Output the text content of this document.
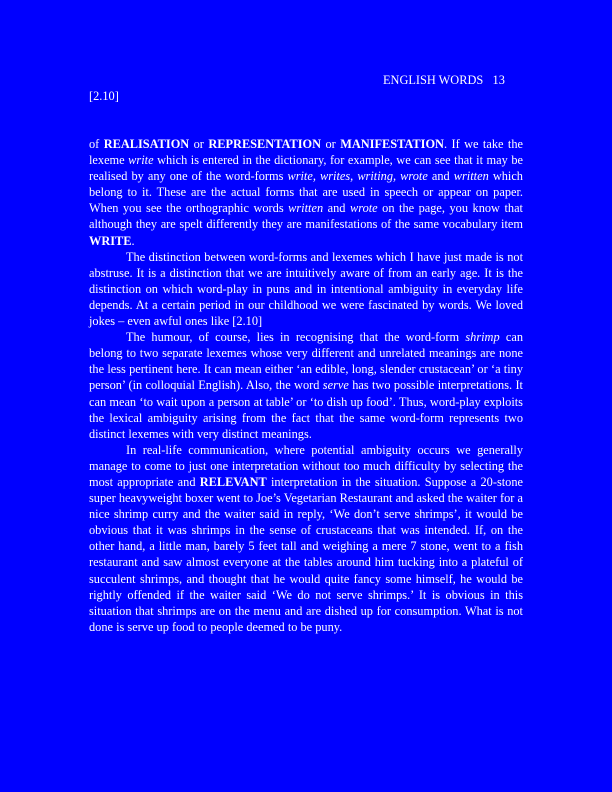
ENGLISH WORDS 13
[2.10]

of REALISATION or REPRESENTATION or MANIFESTATION. If we take the lexeme write which is entered in the dictionary, for example, we can see that it may be realised by any one of the word-forms write, writes, writing, wrote and written which belong to it. These are the actual forms that are used in speech or appear on paper. When you see the orthographic words written and wrote on the page, you know that although they are spelt differently they are manifestations of the same vocabulary item WRITE.

The distinction between word-forms and lexemes which I have just made is not abstruse. It is a distinction that we are intuitively aware of from an early age. It is the distinction on which word-play in puns and in intentional ambiguity in everyday life depends. At a certain period in our childhood we were fascinated by words. We loved jokes – even awful ones like [2.10]

The humour, of course, lies in recognising that the word-form shrimp can belong to two separate lexemes whose very different and unrelated meanings are none the less pertinent here. It can mean either ‘an edible, long, slender crustacean’ or ‘a tiny person’ (in colloquial English). Also, the word serve has two possible interpretations. It can mean ‘to wait upon a person at table’ or ‘to dish up food’. Thus, word-play exploits the lexical ambiguity arising from the fact that the same word-form represents two distinct lexemes with very distinct meanings.

In real-life communication, where potential ambiguity occurs we generally manage to come to just one interpretation without too much difficulty by selecting the most appropriate and RELEVANT interpretation in the situation. Suppose a 20-stone super heavyweight boxer went to Joe’s Vegetarian Restaurant and asked the waiter for a nice shrimp curry and the waiter said in reply, ‘We don’t serve shrimps’, it would be obvious that it was shrimps in the sense of crustaceans that was intended. If, on the other hand, a little man, barely 5 feet tall and weighing a mere 7 stone, went to a fish restaurant and saw almost everyone at the tables around him tucking into a plateful of succulent shrimps, and thought that he would quite fancy some himself, he would be rightly offended if the waiter said ‘We do not serve shrimps.’ It is obvious in this situation that shrimps are on the menu and are dished up for consumption. What is not done is serve up food to people deemed to be puny.
